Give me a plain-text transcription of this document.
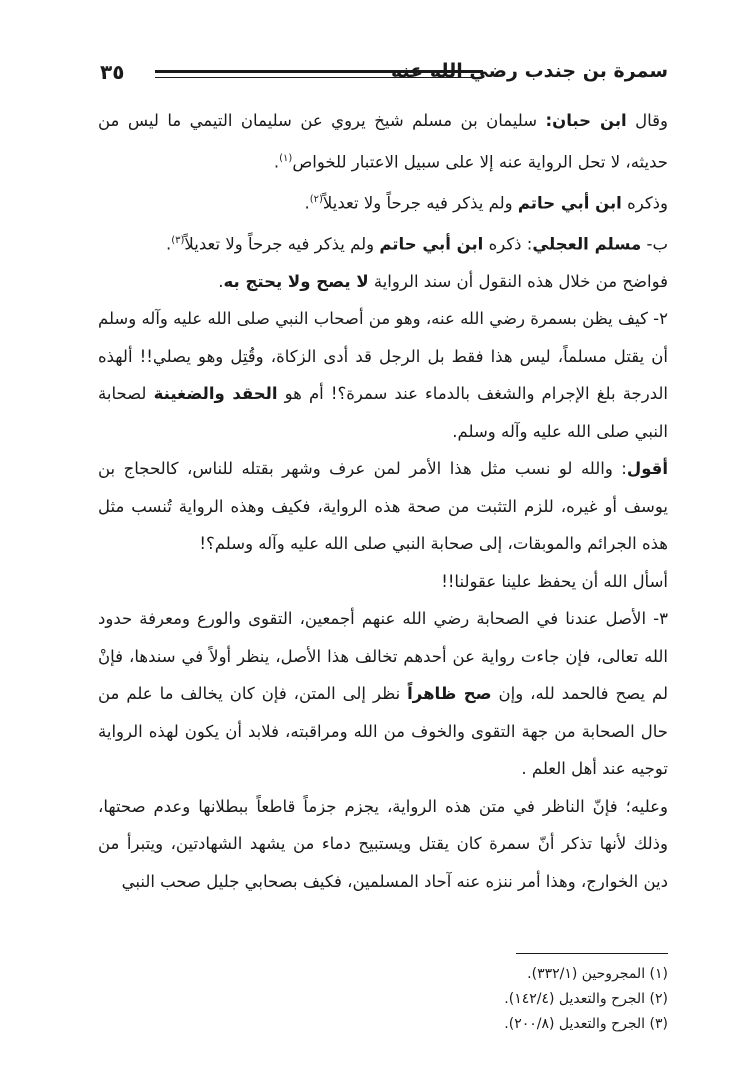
سمرة بن جندب رضي الله عنه
٣٥

وقال ابن حبان: سليمان بن مسلم شيخ يروي عن سليمان التيمي ما ليس من حديثه، لا تحل الرواية عنه إلا على سبيل الاعتبار للخواص$^{(١)}$.

وذكره ابن أبي حاتم ولم يذكر فيه جرحاً ولا تعديلاً$^{(٢)}$.

ب- مسلم العجلي: ذكره ابن أبي حاتم ولم يذكر فيه جرحاً ولا تعديلاً$^{(٣)}$.

فواضح من خلال هذه النقول أن سند الرواية لا يصح ولا يحتج به.

٢- كيف يظن بسمرة رضي الله عنه، وهو من أصحاب النبي صلى الله عليه وآله وسلم أن يقتل مسلماً، ليس هذا فقط بل الرجل قد أدى الزكاة، وقُتِل وهو يصلي!! ألهذه الدرجة بلغ الإجرام والشغف بالدماء عند سمرة؟! أم هو الحقد والضغينة لصحابة النبي صلى الله عليه وآله وسلم.

أقول: والله لو نسب مثل هذا الأمر لمن عرف وشهر بقتله للناس، كالحجاج بن يوسف أو غيره، للزم التثبت من صحة هذه الرواية، فكيف وهذه الرواية تُنسب مثل هذه الجرائم والموبقات، إلى صحابة النبي صلى الله عليه وآله وسلم؟!

أسأل الله أن يحفظ علينا عقولنا!!

٣- الأصل عندنا في الصحابة رضي الله عنهم أجمعين، التقوى والورع ومعرفة حدود الله تعالى، فإن جاءت رواية عن أحدهم تخالف هذا الأصل، ينظر أولاً في سندها، فإنْ لم يصح فالحمد لله، وإن صح ظاهراً نظر إلى المتن، فإن كان يخالف ما علم من حال الصحابة من جهة التقوى والخوف من الله ومراقبته، فلابد أن يكون لهذه الرواية توجيه عند أهل العلم .

وعليه؛ فإنّ الناظر في متن هذه الرواية، يجزم جزماً قاطعاً ببطلانها وعدم صحتها، وذلك لأنها تذكر أنّ سمرة كان يقتل ويستبيح دماء من يشهد الشهادتين، ويتبرأ من دين الخوارج، وهذا أمر ننزه عنه آحاد المسلمين، فكيف بصحابي جليل صحب النبي

(١) المجروحين (٣٣٢/١).
(٢) الجرح والتعديل (١٤٢/٤).
(٣) الجرح والتعديل (٢٠٠/٨).
